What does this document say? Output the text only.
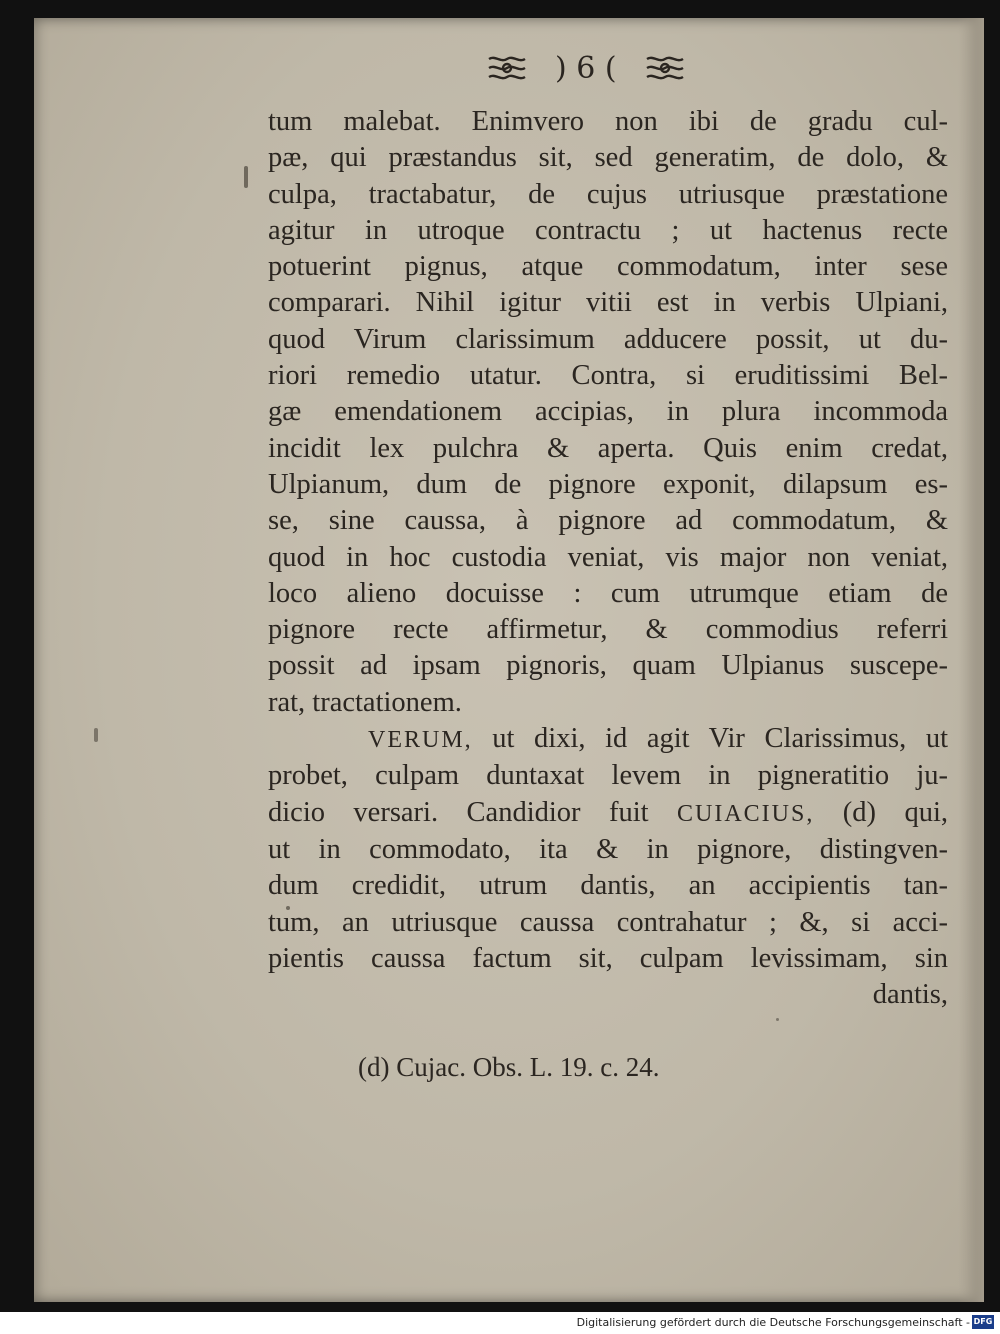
) 6 (
tum malebat. Enimvero non ibi de gradu cul-
pæ, qui præstandus sit, sed generatim, de dolo, &
culpa, tractabatur, de cujus utriusque præstatione
agitur in utroque contractu ; ut hactenus recte
potuerint pignus, atque commodatum, inter sese
comparari. Nihil igitur vitii est in verbis Ulpiani,
quod Virum clarissimum adducere possit, ut du-
riori remedio utatur. Contra, si eruditissimi Bel-
gæ emendationem accipias, in plura incommoda
incidit lex pulchra & aperta. Quis enim credat,
Ulpianum, dum de pignore exponit, dilapsum es-
se, sine caussa, à pignore ad commodatum, &
quod in hoc custodia veniat, vis major non veniat,
loco alieno docuisse : cum utrumque etiam de
pignore recte affirmetur, & commodius referri
possit ad ipsam pignoris, quam Ulpianus suscepe-
rat, tractationem.
VERUM, ut dixi, id agit Vir Clarissimus, ut
probet, culpam duntaxat levem in pigneratitio ju-
dicio versari. Candidior fuit CUIACIUS, (d) qui,
ut in commodato, ita & in pignore, distingven-
dum credidit, utrum dantis, an accipientis tan-
tum, an utriusque caussa contrahatur ; &, si acci-
pientis caussa factum sit, culpam levissimam, sin
dantis,
(d) Cujac. Obs. L. 19. c. 24.
Digitalisierung gefördert durch die Deutsche Forschungsgemeinschaft - DFG
